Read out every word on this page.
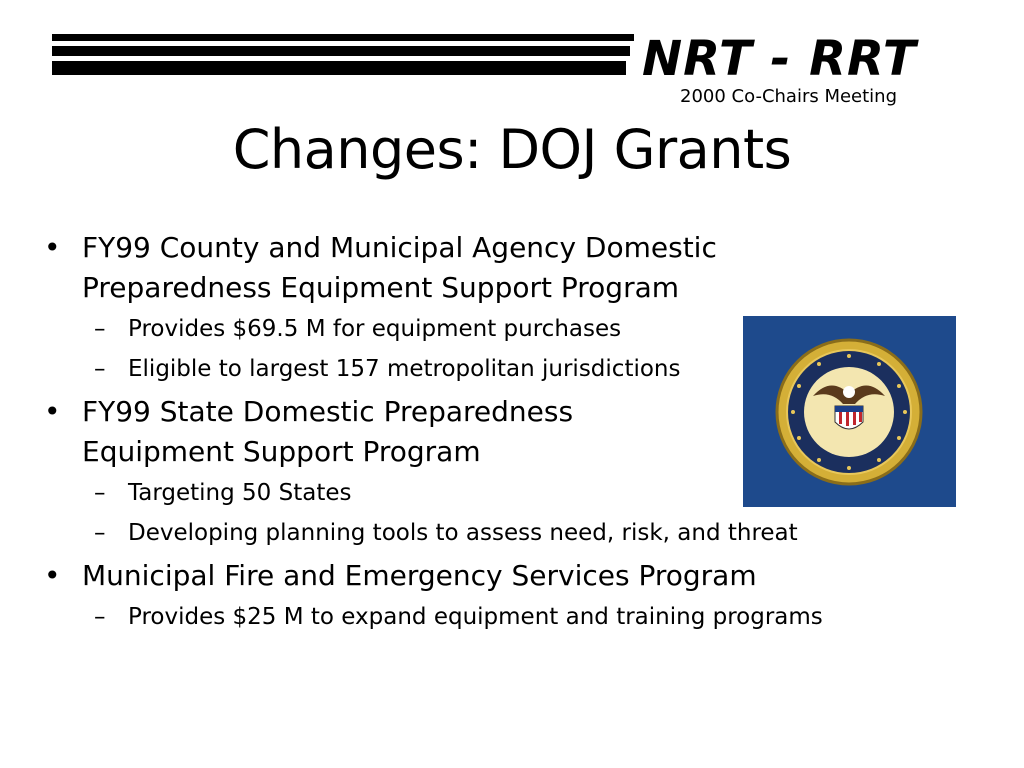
NRT - RRT
2000 Co-Chairs Meeting
Changes: DOJ Grants
• FY99 County and Municipal Agency Domestic
Preparedness Equipment Support Program
– Provides $69.5 M for equipment purchases
– Eligible to largest 157 metropolitan jurisdictions
• FY99 State Domestic Preparedness
Equipment Support Program
– Targeting 50 States
– Developing planning tools to assess need, risk, and threat
• Municipal Fire and Emergency Services Program
– Provides $25 M to expand equipment and training programs
